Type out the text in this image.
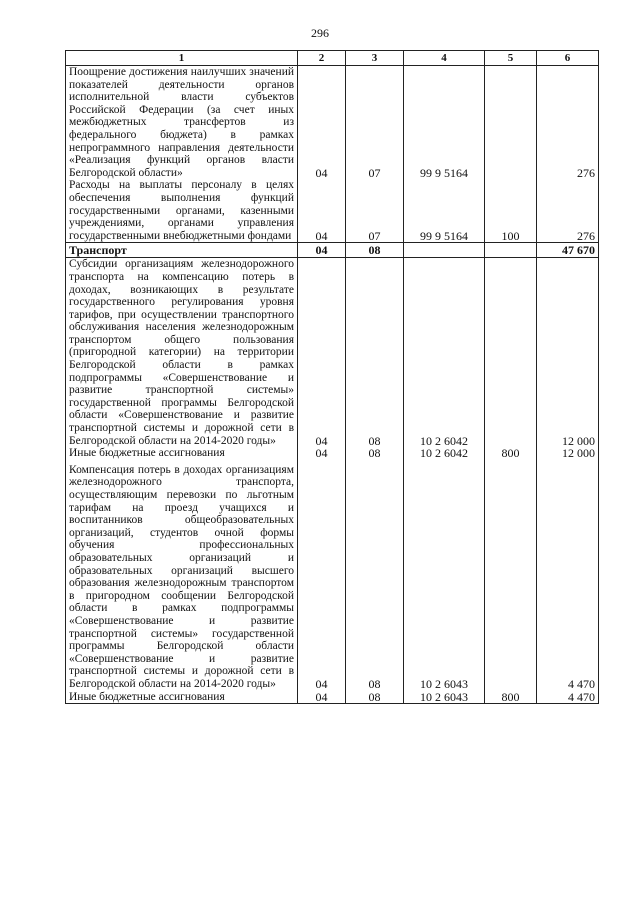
296
1	2	3	4	5	6
Поощрение достижения наилучших значений показателей деятельности органов исполнительной власти субъектов Российской Федерации (за счет иных межбюджетных трансфертов из федерального бюджета) в рамках непрограммного направления деятельности «Реализация функций органов власти Белгородской области»	04	07	99 9 5164		276
Расходы на выплаты персоналу в целях обеспечения выполнения функций государственными органами, казенными учреждениями, органами управления государственными внебюджетными фондами	04	07	99 9 5164	100	276
Транспорт	04	08			47 670
Субсидии организациям железнодорожного транспорта на компенсацию потерь в доходах, возникающих в результате государственного регулирования уровня тарифов, при осуществлении транспортного обслуживания населения железнодорожным транспортом общего пользования (пригородной категории) на территории Белгородской области в рамках подпрограммы «Совершенствование и развитие транспортной системы» государственной программы Белгородской области «Совершенствование и развитие транспортной системы и дорожной сети в Белгородской области на 2014-2020 годы»	04	08	10 2 6042		12 000
Иные бюджетные ассигнования	04	08	10 2 6042	800	12 000
Компенсация потерь в доходах организациям железнодорожного транспорта, осуществляющим перевозки по льготным тарифам на проезд учащихся и воспитанников общеобразовательных организаций, студентов очной формы обучения профессиональных образовательных организаций и образовательных организаций высшего образования железнодорожным транспортом в пригородном сообщении Белгородской области в рамках подпрограммы «Совершенствование и развитие транспортной системы» государственной программы Белгородской области «Совершенствование и развитие транспортной системы и дорожной сети в Белгородской области на 2014-2020 годы»	04	08	10 2 6043		4 470
Иные бюджетные ассигнования	04	08	10 2 6043	800	4 470
